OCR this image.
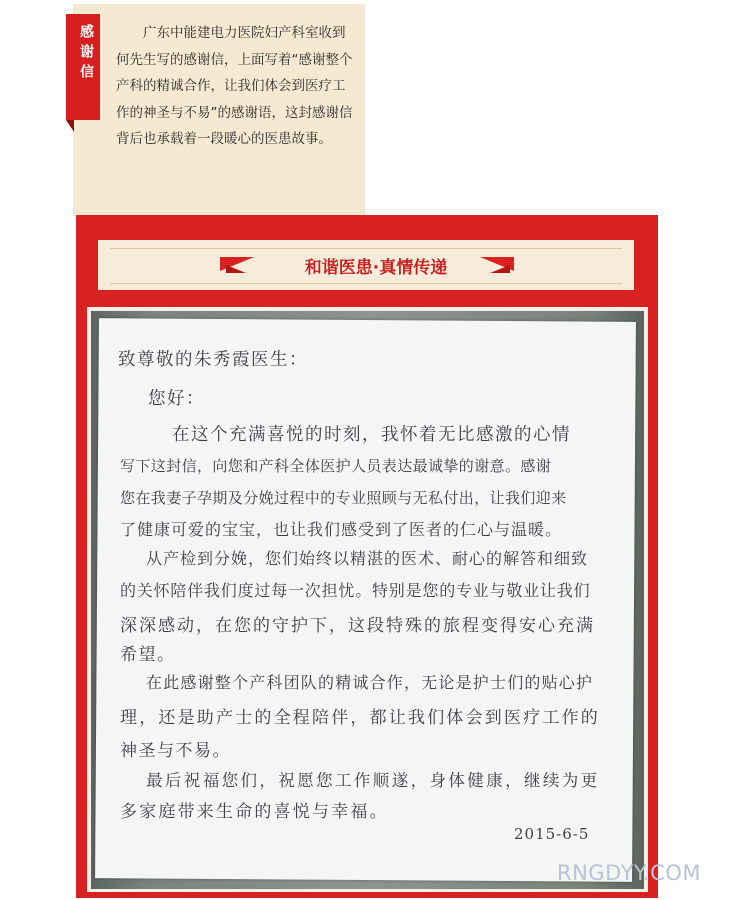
感谢信	广东中能建电力医院妇产科室收到何先生写的感谢信，上面写着“感谢整个产科的精诚合作，让我们体会到医疗工作的神圣与不易”的感谢语，这封感谢信背后也承载着一段暖心的医患故事。
和谐医患·真情传递
致尊敬的朱秀霞医生：
您好：
在这个充满喜悦的时刻，我怀着无比感激的心情
写下这封信，向您和产科全体医护人员表达最诚挚的谢意。感谢
您在我妻子孕期及分娩过程中的专业照顾与无私付出，让我们迎来
了健康可爱的宝宝，也让我们感受到了医者的仁心与温暖。
从产检到分娩，您们始终以精湛的医术、耐心的解答和细致
的关怀陪伴我们度过每一次担忧。特别是您的专业与敬业让我们
深深感动，在您的守护下，这段特殊的旅程变得安心充满
希望。
在此感谢整个产科团队的精诚合作，无论是护士们的贴心护
理，还是助产士的全程陪伴，都让我们体会到医疗工作的
神圣与不易。
最后祝福您们，祝愿您工作顺遂，身体健康，继续为更
多家庭带来生命的喜悦与幸福。
2015-6-5
RNGDYY.COM
